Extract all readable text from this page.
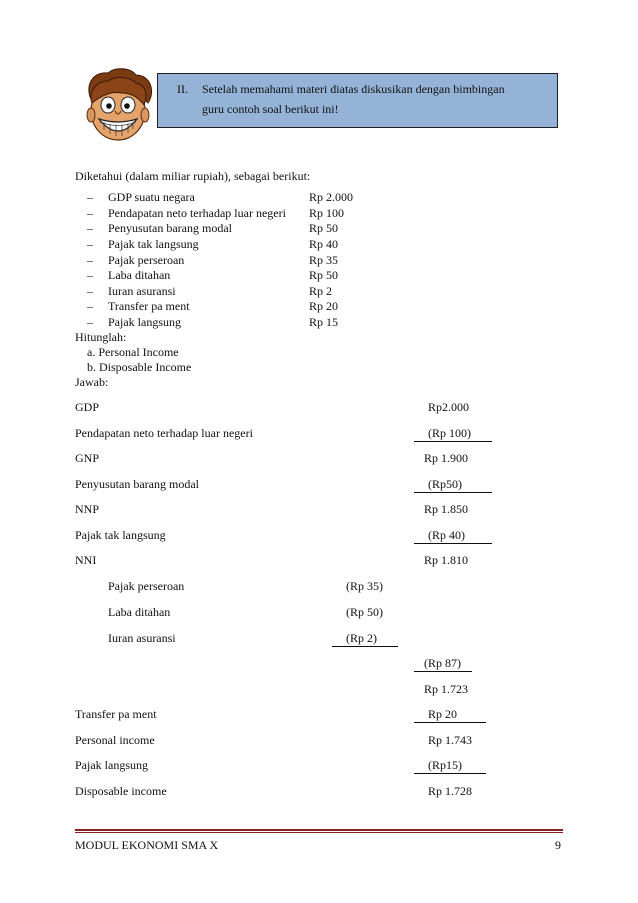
II. Setelah memahami materi diatas diskusikan dengan bimbingan
guru contoh soal berikut ini!
Diketahui (dalam miliar rupiah), sebagai berikut:
– GDP suatu negara	Rp 2.000
– Pendapatan neto terhadap luar negeri Rp 100
– Penyusutan barang modal	Rp 50
– Pajak tak langsung	Rp 40
– Pajak perseroan	Rp 35
– Laba ditahan	Rp 50
– Iuran asuransi	Rp 2
– Transfer pa ment	Rp 20
– Pajak langsung	Rp 15
Hitunglah:
a. Personal Income
b. Disposable Income
Jawab:
GDP	Rp2.000
Pendapatan neto terhadap luar negeri	(Rp 100)
GNP	Rp 1.900
Penyusutan barang modal	(Rp50)
NNP	Rp 1.850
Pajak tak langsung	(Rp 40)
NNI	Rp 1.810
Pajak perseroan	(Rp 35)
Laba ditahan	(Rp 50)
Iuran asuransi	(Rp 2)
(Rp 87)
Rp 1.723
Transfer pa ment	Rp 20
Personal income	Rp 1.743
Pajak langsung	(Rp15)
Disposable income	Rp 1.728
MODUL EKONOMI SMA X	9
